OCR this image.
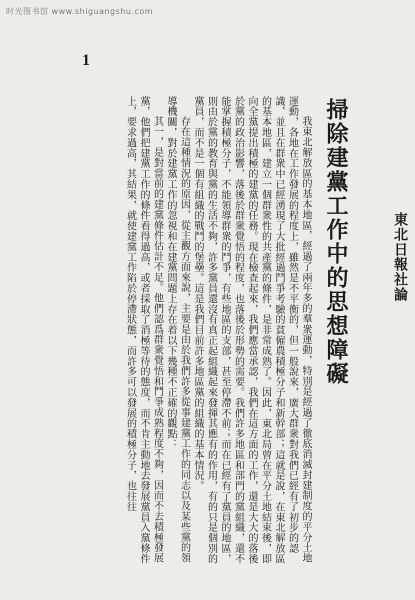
时光图书馆 www.shiguangshu.com
1
東北日報社論
掃除建黨工作中的思想障礙

我東北解放區的基本地區，經過了兩年多的羣衆運動，特別是經過了徹底消滅封建制度的平分土地運動，各地在工作發展的程度上，雖然是不平衡的，但一般說來，廣大群衆對我們已經有了初步的認識，並且在群衆中已經湧現了大批經過鬥爭考驗的貧僱農積極分子和新幹部；這就是說，在東北解放區的基本地區，建立一個群衆性的共產黨的條件，是非常成熟了。因此，東北局曾在平分土地結束後，即向全黨提出積極的建黨的任務。現在檢查起來，我們應當承認，我們在這方面的工作，還是大大的落後於黨的政治影響，落後於群衆覺悟的程度，也落後於形勢的需要。我們許多地區和部門的黨組織，還不能掌握積極分子，不能領導群衆的鬥爭，有些地區的支部，甚至停滯不前；而在已經有了黨員的地區，則由於黨的教育與黨的生活不夠，許多黨員還沒有真正起組織起來發揮其應有的作用，有的只是個別的黨員，而不是一個有組織的戰鬥的堡壘。這是我們目前許多地區黨的組織的基本情況。

存在這種情況的原因，從主觀方面來說，主要是由於我們許多從事建黨工作的同志以及某些黨的領導機關，對於建黨工作的忽視和在建黨問題上存在着以下幾種不正確的觀點：

其一，是對當前的建黨條件估計不足。他們認爲群衆覺悟和鬥爭成熟程度不夠，因而不去積極發展黨，他們把建黨工作的條件看得過高，或者採取了消極等待的態度，而不肯主動地去發展黨員入黨條件上，要求過高，其結果，就使建黨工作陷於停滯狀態，而許多可以發展的積極分子，也往往
